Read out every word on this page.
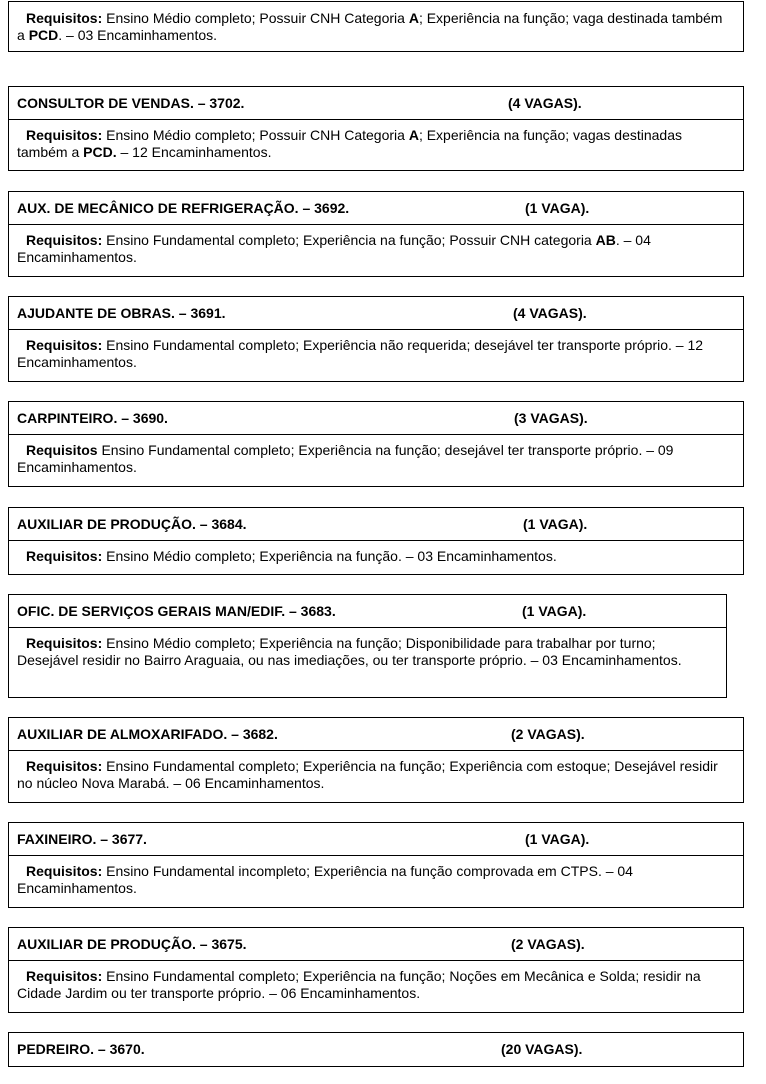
Requisitos: Ensino Médio completo; Possuir CNH Categoria A; Experiência na função; vaga destinada também a PCD. – 03 Encaminhamentos.
CONSULTOR DE VENDAS. – 3702.	(4 VAGAS).
Requisitos: Ensino Médio completo; Possuir CNH Categoria A; Experiência na função; vagas destinadas também a PCD. – 12 Encaminhamentos.
AUX. DE MECÂNICO DE REFRIGERAÇÃO. – 3692.	(1 VAGA).
Requisitos: Ensino Fundamental completo; Experiência na função; Possuir CNH categoria AB. – 04 Encaminhamentos.
AJUDANTE DE OBRAS. – 3691.	(4 VAGAS).
Requisitos: Ensino Fundamental completo; Experiência não requerida; desejável ter transporte próprio. – 12 Encaminhamentos.
CARPINTEIRO. – 3690.	(3 VAGAS).
Requisitos Ensino Fundamental completo; Experiência na função; desejável ter transporte próprio. – 09 Encaminhamentos.
AUXILIAR DE PRODUÇÃO. – 3684.	(1 VAGA).
Requisitos: Ensino Médio completo; Experiência na função. – 03 Encaminhamentos.
OFIC. DE SERVIÇOS GERAIS MAN/EDIF. – 3683.	(1 VAGA).
Requisitos: Ensino Médio completo; Experiência na função; Disponibilidade para trabalhar por turno; Desejável residir no Bairro Araguaia, ou nas imediações, ou ter transporte próprio. – 03 Encaminhamentos.
AUXILIAR DE ALMOXARIFADO. – 3682.	(2 VAGAS).
Requisitos: Ensino Fundamental completo; Experiência na função; Experiência com estoque; Desejável residir no núcleo Nova Marabá. – 06 Encaminhamentos.
FAXINEIRO. – 3677.	(1 VAGA).
Requisitos: Ensino Fundamental incompleto; Experiência na função comprovada em CTPS. – 04 Encaminhamentos.
AUXILIAR DE PRODUÇÃO. – 3675.	(2 VAGAS).
Requisitos: Ensino Fundamental completo; Experiência na função; Noções em Mecânica e Solda; residir na Cidade Jardim ou ter transporte próprio. – 06 Encaminhamentos.
PEDREIRO. – 3670.	(20 VAGAS).
